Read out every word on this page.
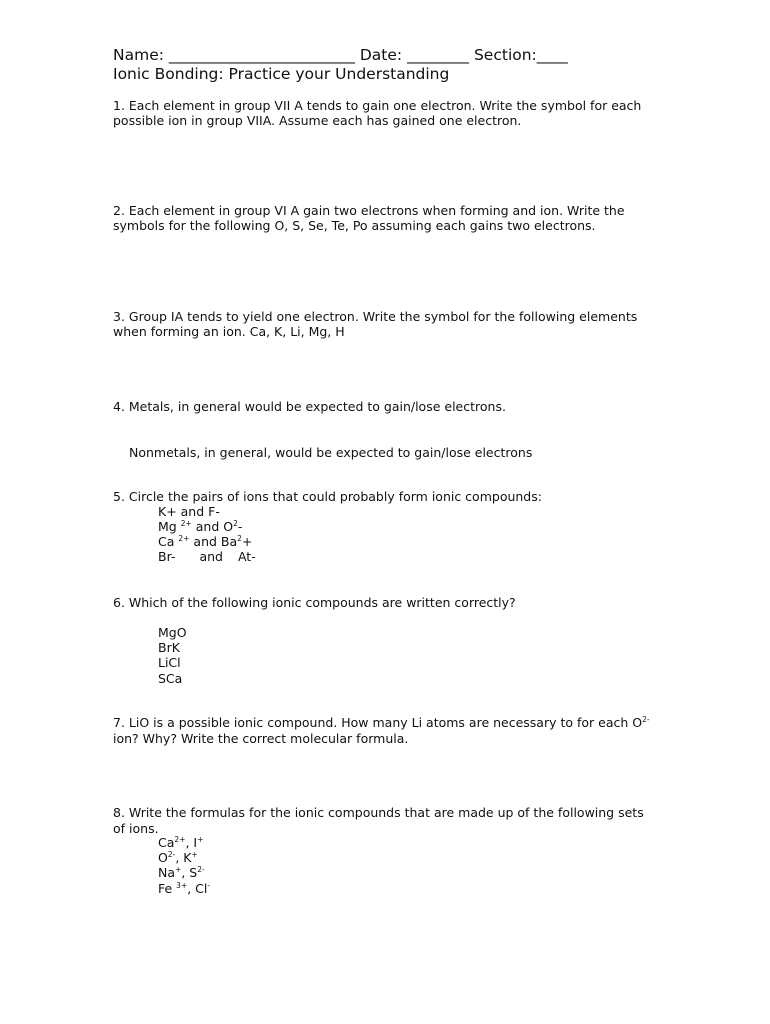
Name: ________________________ Date: ________ Section:____
Ionic Bonding: Practice your Understanding
1. Each element in group VII A tends to gain one electron. Write the symbol for each
possible ion in group VIIA. Assume each has gained one electron.
2. Each element in group VI A gain two electrons when forming and ion. Write the
symbols for the following O, S, Se, Te, Po assuming each gains two electrons.
3. Group IA tends to yield one electron. Write the symbol for the following elements
when forming an ion. Ca, K, Li, Mg, H
4. Metals, in general would be expected to gain/lose electrons.
Nonmetals, in general, would be expected to gain/lose electrons
5. Circle the pairs of ions that could probably form ionic compounds:
K+ and F-
Mg $^{2+}$ and $O^2-$
Ca $^{2+}$ and $Ba^2+$
Br- and At-
6. Which of the following ionic compounds are written correctly?
MgO
BrK
LiCl
SCa
7. LiO is a possible ionic compound. How many Li atoms are necessary to for each $O^{2-}$
ion? Why? Write the correct molecular formula.
8. Write the formulas for the ionic compounds that are made up of the following sets
of ions.
$Ca^{2+}$, I+
$O^{2-}$, K+
Na+, $S^{2-}$
Fe $^{3+}$, Cl-
